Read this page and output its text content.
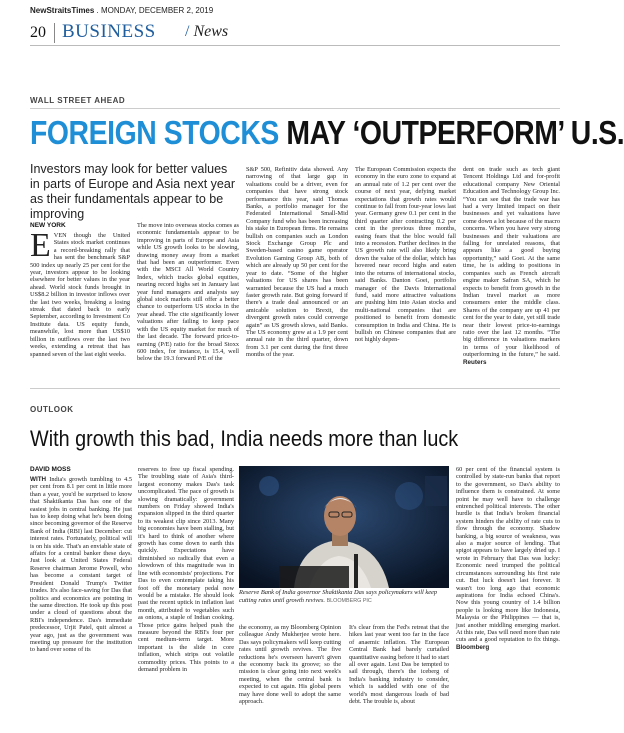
NewStraitsTimes . MONDAY, DECEMBER 2, 2019
20 BUSINESS / News
WALL STREET AHEAD
FOREIGN STOCKS MAY ‘OUTPERFORM’ U.S.
Investors may look for better values in parts of Europe and Asia next year as their fundamentals appear to be improving
NEW YORK
EVEN though the United States stock market continues a record-breaking rally that has sent the benchmark S&P 500 index up nearly 25 per cent for the year, investors appear to be looking elsewhere for better values in the year ahead. World stock funds brought in US$8.2 billion in investor inflows over the last two weeks, breaking a losing streak that dated back to early September, according to Investment Co Institute data. US equity funds, meanwhile, lost more than US$10 billion in outflows over the last two weeks, extending a retreat that has spanned seven of the last eight weeks.
The move into overseas stocks comes as economic fundamentals appear to be improving in parts of Europe and Asia while US growth looks to be slowing, drawing money away from a market that had been an outperformer. Even with the MSCI All World Country Index, which tracks global equities, nearing record highs set in January last year fund managers and analysts say global stock markets still offer a better chance to outperform US stocks in the year ahead. The cite significantly lower valuations after failing to keep pace with the US equity market for much of the last decade. The forward price-to-earning (P/E) ratio for the broad Stoxx 600 index, for instance, is 15.4, well below the 19.3 forward P/E of the
S&P 500, Refinitiv data showed. Any narrowing of that large gap in valuations could be a driver, even for companies that have strong stock performance this year, said Thomas Banks, a portfolio manager for the Federated International Small-Mid Company fund who has been increasing his stake in European firms. He remains bullish on companies such as London Stock Exchange Group Plc and Sweden-based casino game operator Evolution Gaming Group AB, both of which are already up 50 per cent for the year to date. “Some of the higher valuations for US shares has been warranted because the US had a much faster growth rate. But going forward if there's a trade deal announced or an amicable solution to Brexit, the divergent growth rates could converge again” as US growth slows, said Banks. The US economy grew at a 1.9 per cent annual rate in the third quarter, down from 3.1 per cent during the first three months of the year.
The European Commission expects the economy in the euro zone to expand at an annual rate of 1.2 per cent over the course of next year, defying market expectations that growth rates would continue to fall from four-year lows last year. Germany grew 0.1 per cent in the third quarter after contracting 0.2 per cent in the previous three months, easing fears that the bloc would fall into a recession. Further declines in the US growth rate will also likely bring down the value of the dollar, which has hovered near record highs and eaten into the returns of international stocks, said Banks. Danton Goei, portfolio manager of the Davis International fund, said more attractive valuations are pushing him into Asian stocks and multi-national companies that are positioned to benefit from domestic consumption in India and China. He is bullish on Chinese companies that are not highly depen-
dent on trade such as tech giant Tencent Holdings Ltd and for-profit educational company New Oriental Education and Technology Group Inc. “You can see that the trade war has had a very limited impact on their businesses and yet valuations have come down a lot because of the macro concerns. When you have very strong businesses and their valuations are falling for unrelated reasons, that appears like a good buying opportunity,” said Goei. At the same time, he is adding to positions in companies such as French aircraft engine maker Safran SA, which he expects to benefit from growth in the Indian travel market as more consumers enter the middle class. Shares of the company are up 41 per cent for the year to date, yet still trade near their lowest price-to-earnings ratio over the last 12 months. “The big difference in valuations markers in terms of your likelihood of outperforming in the future,” he said. Reuters
OUTLOOK
With growth this bad, India needs more than luck
DAVID MOSS
WITH India's growth tumbling to 4.5 per cent from 8.1 per cent in little more than a year, you'd be surprised to know that Shaktikanta Das has one of the easiest jobs in central banking. He just has to keep doing what he's been doing since becoming governor of the Reserve Bank of India (RBI) last December: cut interest rates. Fortunately, political will is on his side. That's an enviable state of affairs for a central banker these days. Just look at United States Federal Reserve chairman Jerome Powell, who has become a constant target of President Donald Trump's Twitter tirades. It's also face-saving for Das that politics and economics are pointing in the same direction. He took up this post under a cloud of questions about the RBI's independence. Das's immediate predecessor, Urjit Patel, quit almost a year ago, just as the government was meeting up pressure for the institution to hand over some of its
reserves to free up fiscal spending. The troubling state of Asia's third-largest economy makes Das's task uncomplicated. The pace of growth is slowing dramatically: government numbers on Friday showed India's expansion slipped in the third quarter to its weakest clip since 2013. Many big economies have been stalling, but it's hard to think of another where growth has come down to earth this quickly. Expectations have diminished so radically that even a slowdown of this magnitude was in line with economists' projections. For Das to even contemplate taking his foot off the monetary pedal now would be a mistake. He should look past the recent uptick in inflation last month, attributed to vegetables such as onions, a staple of Indian cooking. Those price gains helped push the measure beyond the RBI's four per cent medium-term target. More important is the slide in core inflation, which strips out volatile commodity prices. This points to a demand problem in
Reserve Bank of India governor Shaktikanta Das says policymakers will keep cutting rates until growth revives. BLOOMBERG PIC
the economy, as my Bloomberg Opinion colleague Andy Mukherjee wrote here. Das says policymakers will keep cutting rates until growth revives. The five reductions he's overseen haven't given the economy back its groove; so the mission is clear going into next week's meeting, when the central bank is expected to cut again. His global peers may have done well to adopt the same approach.
It's clear from the Fed's retreat that the hikes last year went too far in the face of anaemic inflation. The European Central Bank had barely curtailed quantitative easing before it had to start all over again. Lest Das be tempted to sail through, there's the iceberg of India's banking industry to consider, which is saddled with one of the world's most dangerous loads of bad debt. The trouble is, about
60 per cent of the financial system is controlled by state-run banks that report to the government, so Das's ability to influence them is constrained. At some point he may well have to challenge entrenched political interests. The other hurdle is that India's broken financial system hinders the ability of rate cuts to flow through the economy. Shadow banking, a big source of weakness, was also a major source of lending. That spigot appears to have largely dried up. I wrote in February that Das was lucky: Economic need trumped the political circumstances surrounding his first rate cut. But luck doesn't last forever. It wasn't too long ago that economic aspirations for India echoed China's. Now this young country of 1.4 billion people is looking more like Indonesia, Malaysia or the Philippines — that is, just another middling emerging market. At this rate, Das will need more than rate cuts and a good reputation to fix things. Bloomberg
